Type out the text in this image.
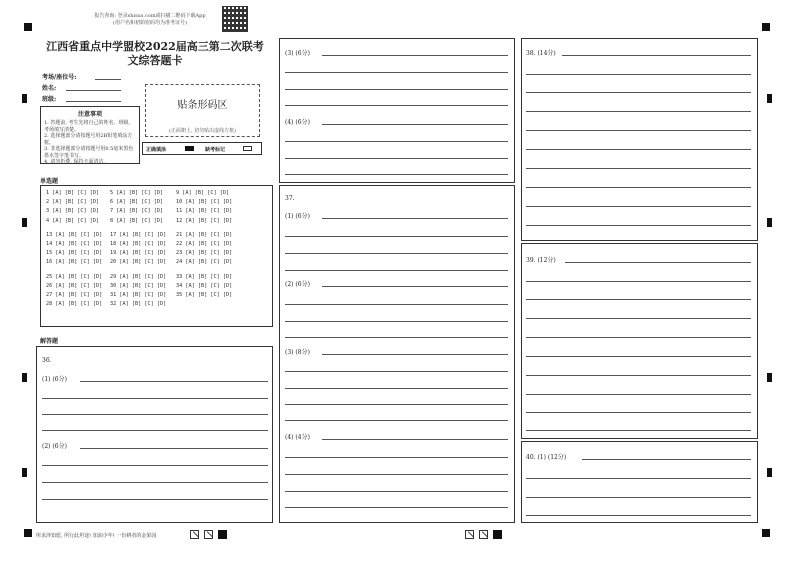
报告查询: 登录shisus.com或扫描二维码下载App
(用户名和初始密码均为准考证号)
江西省重点中学盟校2022届高三第二次联考
文综答题卡
考场/座位号:
姓名:
班级:
注意事项
1. 答题前, 考生先将自己的姓名、班级、考场填写清楚。
2. 选择题部分请按题号用2B铅笔填涂方框。
3. 非选择题部分请按题号用0.5毫米黑色墨水签字笔书写。
4. 请勿折叠, 保持卡面清洁。
贴条形码区
(正面朝上, 切勿贴出虚线方框)
正确填涂	缺考标记
单选题
1 [A] [B] [C] [D] 5 [A] [B] [C] [D] 9 [A] [B] [C] [D]
2 [A] [B] [C] [D] 6 [A] [B] [C] [D] 10 [A] [B] [C] [D]
3 [A] [B] [C] [D] 7 [A] [B] [C] [D] 11 [A] [B] [C] [D]
4 [A] [B] [C] [D] 8 [A] [B] [C] [D] 12 [A] [B] [C] [D]
13 [A] [B] [C] [D] 17 [A] [B] [C] [D] 21 [A] [B] [C] [D]
14 [A] [B] [C] [D] 18 [A] [B] [C] [D] 22 [A] [B] [C] [D]
15 [A] [B] [C] [D] 19 [A] [B] [C] [D] 23 [A] [B] [C] [D]
16 [A] [B] [C] [D] 20 [A] [B] [C] [D] 24 [A] [B] [C] [D]
25 [A] [B] [C] [D] 29 [A] [B] [C] [D] 33 [A] [B] [C] [D]
26 [A] [B] [C] [D] 30 [A] [B] [C] [D] 34 [A] [B] [C] [D]
27 [A] [B] [C] [D] 31 [A] [B] [C] [D] 35 [A] [B] [C] [D]
28 [A] [B] [C] [D] 32 [A] [B] [C] [D]
解答题
36.
(1) (6分)
(2) (6分)
(3) (6分)
(4) (6分)
37.
(1) (6分)
(2) (6分)
(3) (8分)
(4) (4分)
38. (14分)
39. (12分)
40. (1) (12分)
所求涉知愿, 所行此坦途! 加油少年! 一份耕者的金果园
